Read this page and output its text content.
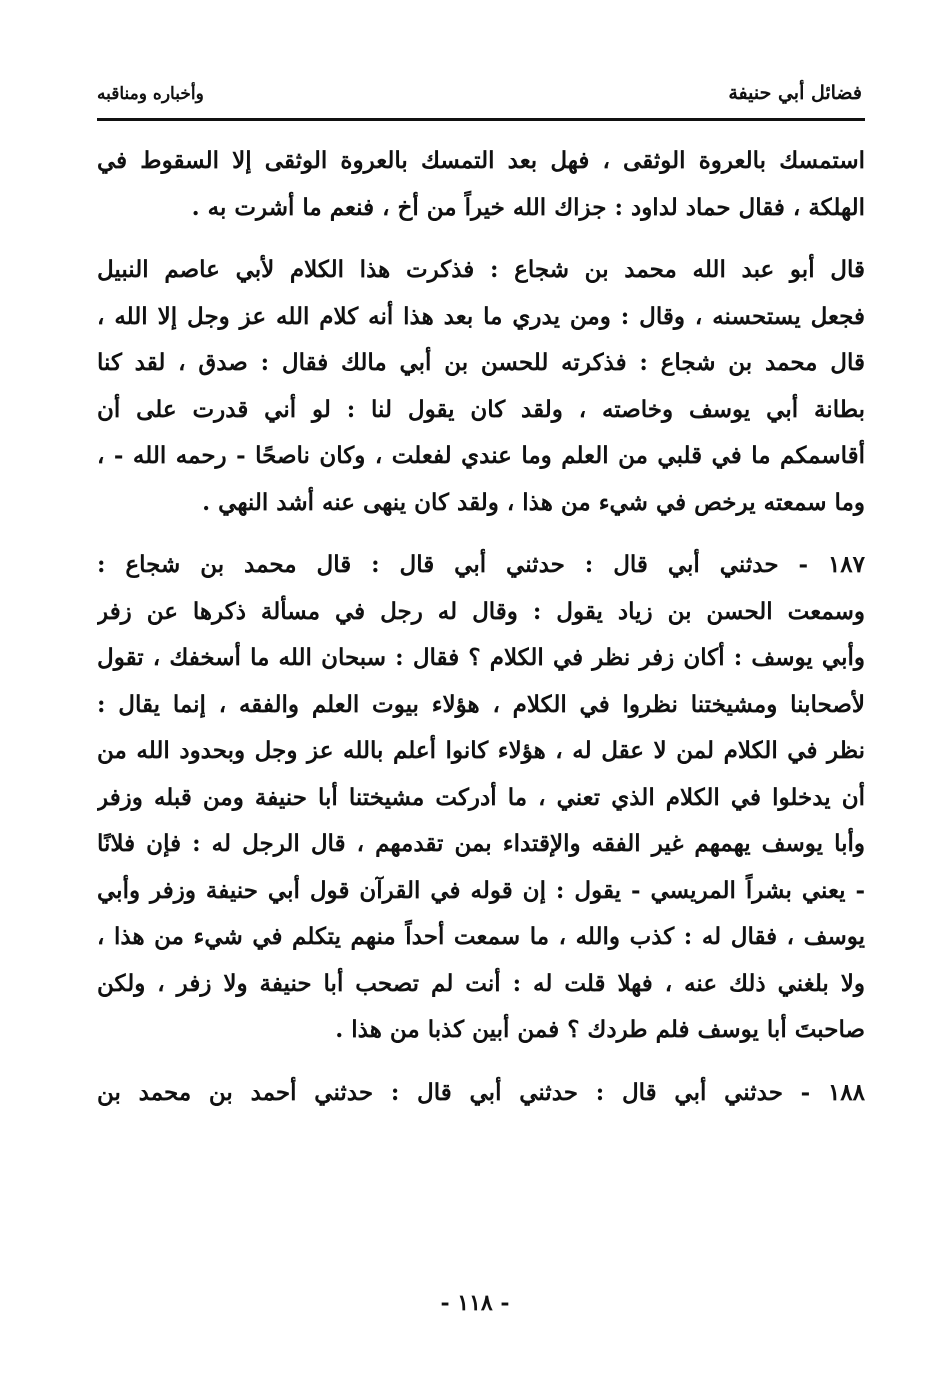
فضائل أبي حنيفة
وأخباره ومناقبه
استمسك بالعروة الوثقى ، فهل بعد التمسك بالعروة الوثقى إلا السقوط في
الهلكة ، فقال حماد لداود : جزاك الله خيراً من أخ ، فنعم ما أشرت به .
قال أبو عبد الله محمد بن شجاع : فذكرت هذا الكلام لأبي عاصم النبيل
فجعل يستحسنه ، وقال : ومن يدري ما بعد هذا أنه كلام الله عز وجل إلا الله ،
قال محمد بن شجاع : فذكرته للحسن بن أبي مالك فقال : صدق ، لقد كنا
بطانة أبي يوسف وخاصته ، ولقد كان يقول لنا : لو أني قدرت على أن
أقاسمكم ما في قلبي من العلم وما عندي لفعلت ، وكان ناصحًا - رحمه الله - ،
وما سمعته يرخص في شيء من هذا ، ولقد كان ينهى عنه أشد النهي .
١٨٧ - حدثني أبي قال : حدثني أبي قال : قال محمد بن شجاع :
وسمعت الحسن بن زياد يقول : وقال له رجل في مسألة ذكرها عن زفر
وأبي يوسف : أكان زفر نظر في الكلام ؟ فقال : سبحان الله ما أسخفك ، تقول
لأصحابنا ومشيختنا نظروا في الكلام ، هؤلاء بيوت العلم والفقه ، إنما يقال :
نظر في الكلام لمن لا عقل له ، هؤلاء كانوا أعلم بالله عز وجل وبحدود الله من
أن يدخلوا في الكلام الذي تعني ، ما أدركت مشيختنا أبا حنيفة ومن قبله وزفر
وأبا يوسف يهمهم غير الفقه والإقتداء بمن تقدمهم ، قال الرجل له : فإن فلانًا
- يعني بشراً المريسي - يقول : إن قوله في القرآن قول أبي حنيفة وزفر وأبي
يوسف ، فقال له : كذب والله ، ما سمعت أحداً منهم يتكلم في شيء من هذا ،
ولا بلغني ذلك عنه ، فهلا قلت له : أنت لم تصحب أبا حنيفة ولا زفر ، ولكن
صاحبتَ أبا يوسف فلم طردك ؟ فمن أبين كذبا من هذا .
١٨٨ - حدثني أبي قال : حدثني أبي قال : حدثني أحمد بن محمد بن
- ١١٨ -
